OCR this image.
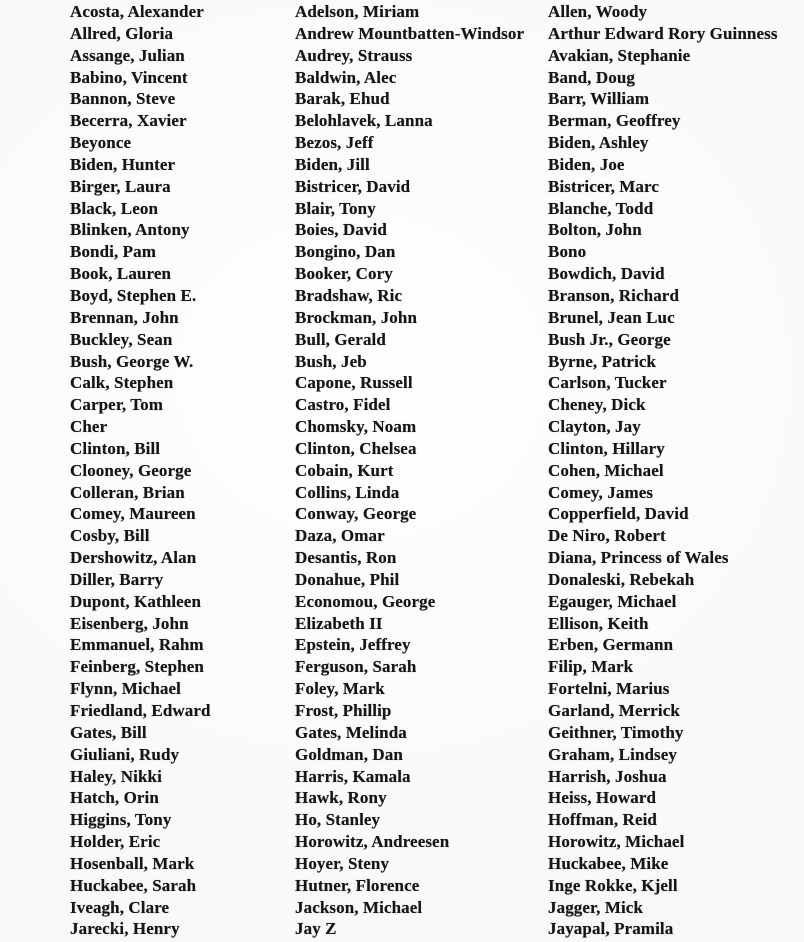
Acosta, Alexander
Allred, Gloria
Assange, Julian
Babino, Vincent
Bannon, Steve
Becerra, Xavier
Beyonce
Biden, Hunter
Birger, Laura
Black, Leon
Blinken, Antony
Bondi, Pam
Book, Lauren
Boyd, Stephen E.
Brennan, John
Buckley, Sean
Bush, George W.
Calk, Stephen
Carper, Tom
Cher
Clinton, Bill
Clooney, George
Colleran, Brian
Comey, Maureen
Cosby, Bill
Dershowitz, Alan
Diller, Barry
Dupont, Kathleen
Eisenberg, John
Emmanuel, Rahm
Feinberg, Stephen
Flynn, Michael
Friedland, Edward
Gates, Bill
Giuliani, Rudy
Haley, Nikki
Hatch, Orin
Higgins, Tony
Holder, Eric
Hosenball, Mark
Huckabee, Sarah
Iveagh, Clare
Jarecki, Henry
Adelson, Miriam
Andrew Mountbatten-Windsor
Audrey, Strauss
Baldwin, Alec
Barak, Ehud
Belohlavek, Lanna
Bezos, Jeff
Biden, Jill
Bistricer, David
Blair, Tony
Boies, David
Bongino, Dan
Booker, Cory
Bradshaw, Ric
Brockman, John
Bull, Gerald
Bush, Jeb
Capone, Russell
Castro, Fidel
Chomsky, Noam
Clinton, Chelsea
Cobain, Kurt
Collins, Linda
Conway, George
Daza, Omar
Desantis, Ron
Donahue, Phil
Economou, George
Elizabeth II
Epstein, Jeffrey
Ferguson, Sarah
Foley, Mark
Frost, Phillip
Gates, Melinda
Goldman, Dan
Harris, Kamala
Hawk, Rony
Ho, Stanley
Horowitz, Andreesen
Hoyer, Steny
Hutner, Florence
Jackson, Michael
Jay Z
Allen, Woody
Arthur Edward Rory Guinness
Avakian, Stephanie
Band, Doug
Barr, William
Berman, Geoffrey
Biden, Ashley
Biden, Joe
Bistricer, Marc
Blanche, Todd
Bolton, John
Bono
Bowdich, David
Branson, Richard
Brunel, Jean Luc
Bush Jr., George
Byrne, Patrick
Carlson, Tucker
Cheney, Dick
Clayton, Jay
Clinton, Hillary
Cohen, Michael
Comey, James
Copperfield, David
De Niro, Robert
Diana, Princess of Wales
Donaleski, Rebekah
Egauger, Michael
Ellison, Keith
Erben, Germann
Filip, Mark
Fortelni, Marius
Garland, Merrick
Geithner, Timothy
Graham, Lindsey
Harrish, Joshua
Heiss, Howard
Hoffman, Reid
Horowitz, Michael
Huckabee, Mike
Inge Rokke, Kjell
Jagger, Mick
Jayapal, Pramila
